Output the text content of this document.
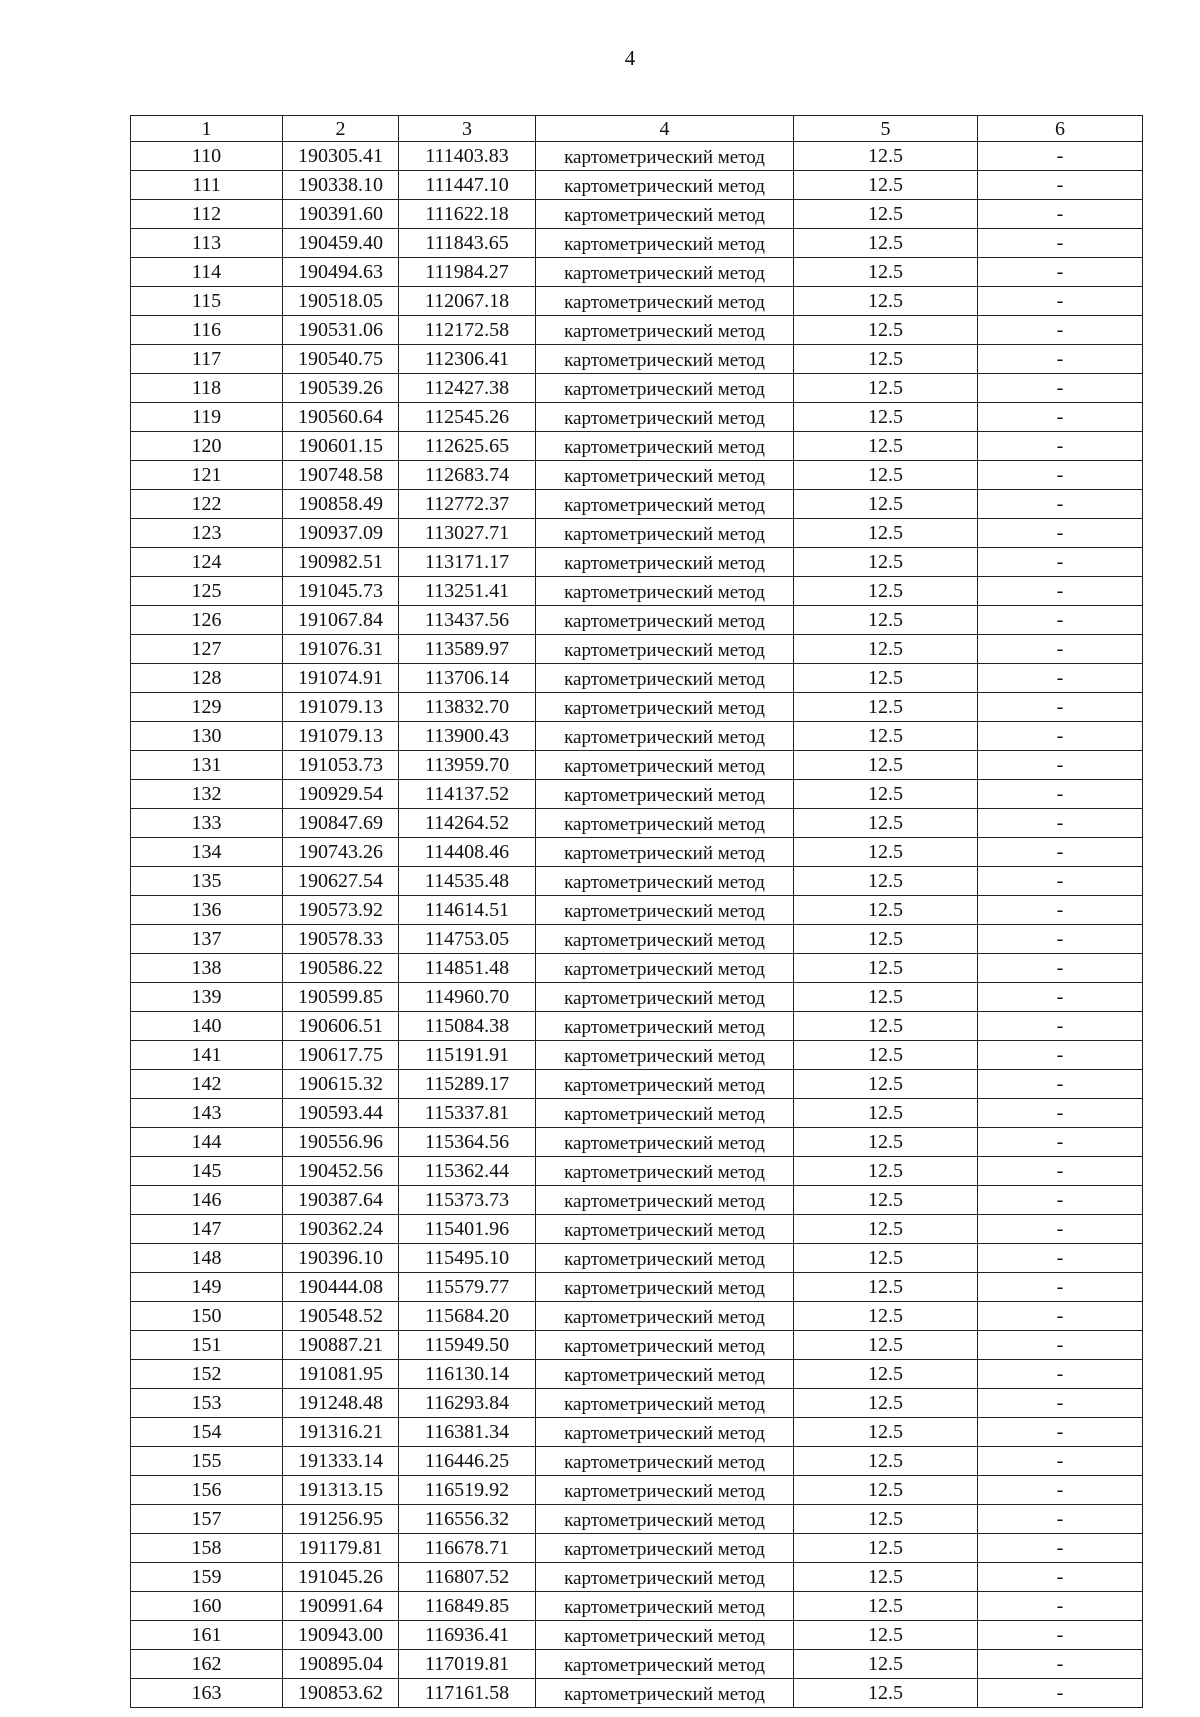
4
1	2	3	4	5	6
110	190305.41	111403.83	картометрический метод	12.5	-
111	190338.10	111447.10	картометрический метод	12.5	-
112	190391.60	111622.18	картометрический метод	12.5	-
113	190459.40	111843.65	картометрический метод	12.5	-
114	190494.63	111984.27	картометрический метод	12.5	-
115	190518.05	112067.18	картометрический метод	12.5	-
116	190531.06	112172.58	картометрический метод	12.5	-
117	190540.75	112306.41	картометрический метод	12.5	-
118	190539.26	112427.38	картометрический метод	12.5	-
119	190560.64	112545.26	картометрический метод	12.5	-
120	190601.15	112625.65	картометрический метод	12.5	-
121	190748.58	112683.74	картометрический метод	12.5	-
122	190858.49	112772.37	картометрический метод	12.5	-
123	190937.09	113027.71	картометрический метод	12.5	-
124	190982.51	113171.17	картометрический метод	12.5	-
125	191045.73	113251.41	картометрический метод	12.5	-
126	191067.84	113437.56	картометрический метод	12.5	-
127	191076.31	113589.97	картометрический метод	12.5	-
128	191074.91	113706.14	картометрический метод	12.5	-
129	191079.13	113832.70	картометрический метод	12.5	-
130	191079.13	113900.43	картометрический метод	12.5	-
131	191053.73	113959.70	картометрический метод	12.5	-
132	190929.54	114137.52	картометрический метод	12.5	-
133	190847.69	114264.52	картометрический метод	12.5	-
134	190743.26	114408.46	картометрический метод	12.5	-
135	190627.54	114535.48	картометрический метод	12.5	-
136	190573.92	114614.51	картометрический метод	12.5	-
137	190578.33	114753.05	картометрический метод	12.5	-
138	190586.22	114851.48	картометрический метод	12.5	-
139	190599.85	114960.70	картометрический метод	12.5	-
140	190606.51	115084.38	картометрический метод	12.5	-
141	190617.75	115191.91	картометрический метод	12.5	-
142	190615.32	115289.17	картометрический метод	12.5	-
143	190593.44	115337.81	картометрический метод	12.5	-
144	190556.96	115364.56	картометрический метод	12.5	-
145	190452.56	115362.44	картометрический метод	12.5	-
146	190387.64	115373.73	картометрический метод	12.5	-
147	190362.24	115401.96	картометрический метод	12.5	-
148	190396.10	115495.10	картометрический метод	12.5	-
149	190444.08	115579.77	картометрический метод	12.5	-
150	190548.52	115684.20	картометрический метод	12.5	-
151	190887.21	115949.50	картометрический метод	12.5	-
152	191081.95	116130.14	картометрический метод	12.5	-
153	191248.48	116293.84	картометрический метод	12.5	-
154	191316.21	116381.34	картометрический метод	12.5	-
155	191333.14	116446.25	картометрический метод	12.5	-
156	191313.15	116519.92	картометрический метод	12.5	-
157	191256.95	116556.32	картометрический метод	12.5	-
158	191179.81	116678.71	картометрический метод	12.5	-
159	191045.26	116807.52	картометрический метод	12.5	-
160	190991.64	116849.85	картометрический метод	12.5	-
161	190943.00	116936.41	картометрический метод	12.5	-
162	190895.04	117019.81	картометрический метод	12.5	-
163	190853.62	117161.58	картометрический метод	12.5	-
